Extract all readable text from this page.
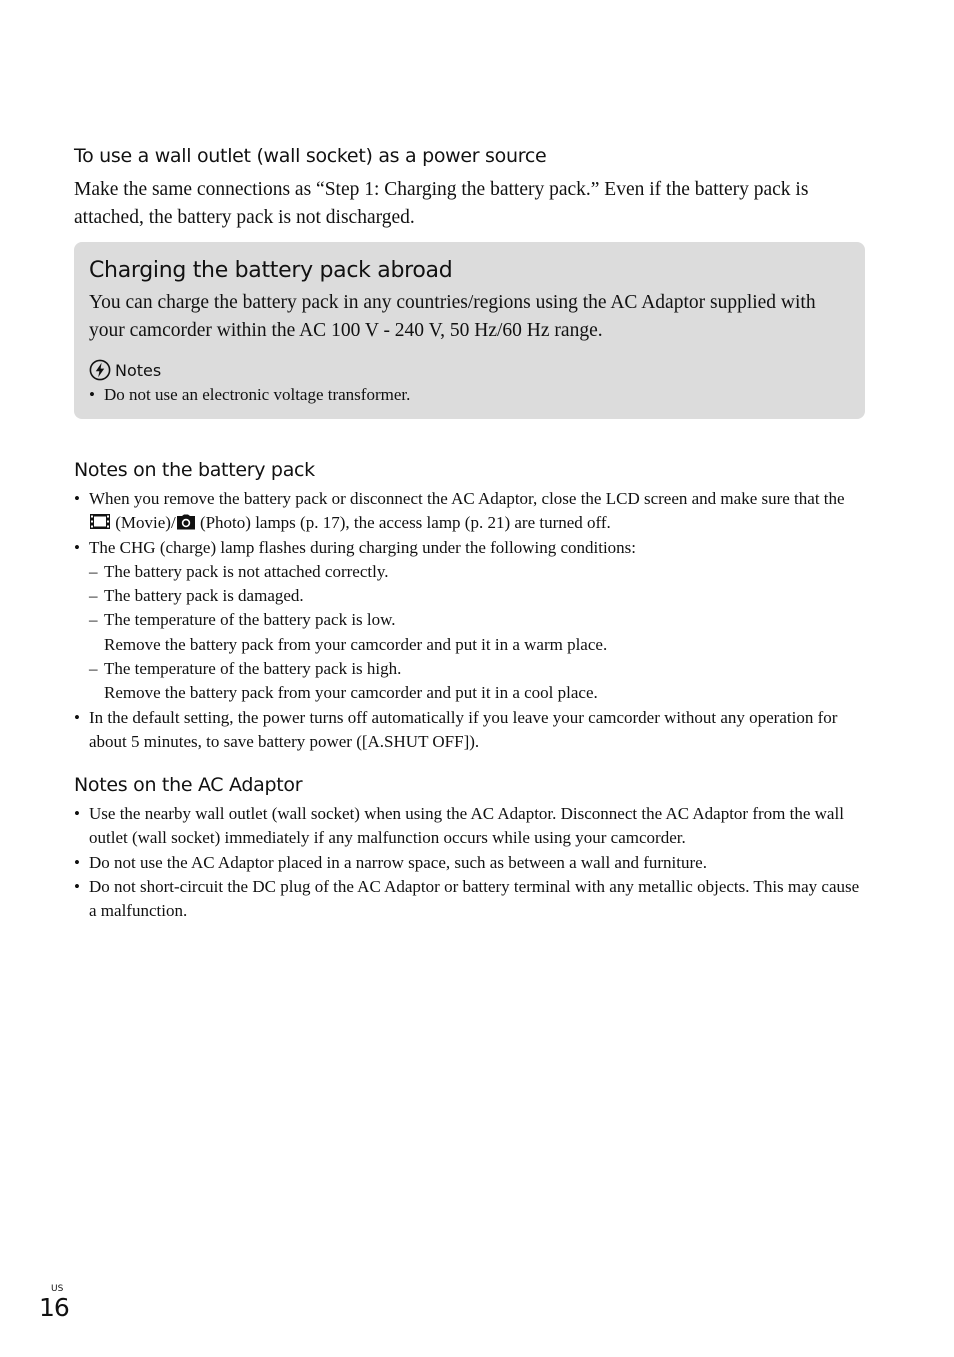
To use a wall outlet (wall socket) as a power source

Make the same connections as “Step 1: Charging the battery pack.” Even if the battery pack is attached, the battery pack is not discharged.

Charging the battery pack abroad

You can charge the battery pack in any countries/regions using the AC Adaptor supplied with your camcorder within the AC 100 V - 240 V, 50 Hz/60 Hz range.

Notes
• Do not use an electronic voltage transformer.
Notes on the battery pack
• When you remove the battery pack or disconnect the AC Adaptor, close the LCD screen and make sure that the  (Movie)/ (Photo) lamps (p. 17), the access lamp (p. 21) are turned off.
• The CHG (charge) lamp flashes during charging under the following conditions:
– The battery pack is not attached correctly.
– The battery pack is damaged.
– The temperature of the battery pack is low.
Remove the battery pack from your camcorder and put it in a warm place.
– The temperature of the battery pack is high.
Remove the battery pack from your camcorder and put it in a cool place.
• In the default setting, the power turns off automatically if you leave your camcorder without any operation for about 5 minutes, to save battery power ([A.SHUT OFF]).
Notes on the AC Adaptor
• Use the nearby wall outlet (wall socket) when using the AC Adaptor. Disconnect the AC Adaptor from the wall outlet (wall socket) immediately if any malfunction occurs while using your camcorder.
• Do not use the AC Adaptor placed in a narrow space, such as between a wall and furniture.
• Do not short-circuit the DC plug of the AC Adaptor or battery terminal with any metallic objects. This may cause a malfunction.
US
16
